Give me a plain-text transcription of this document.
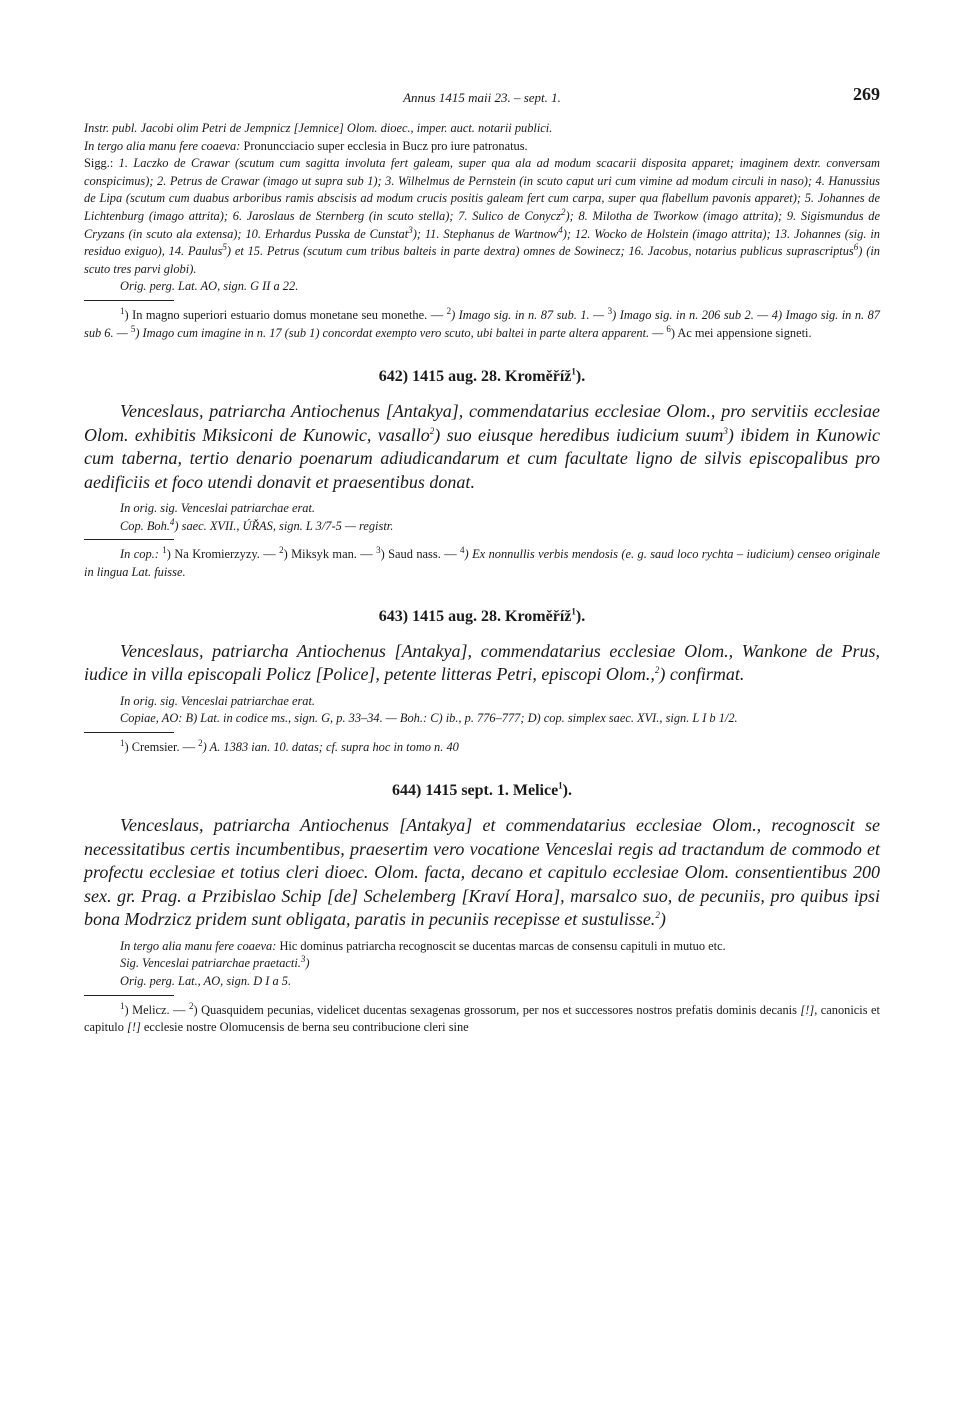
Annus 1415 maii 23. – sept. 1.	269

Instr. publ. Jacobi olim Petri de Jempnicz [Jemnice] Olom. dioec., imper. auct. notarii publici.

In tergo alia manu fere coaeva: Pronuncciacio super ecclesia in Bucz pro iure patronatus.

Sigg.: 1. Laczko de Crawar (scutum cum sagitta involuta fert galeam, super qua ala ad modum scacarii disposita apparet; imaginem dextr. conversam conspicimus); 2. Petrus de Crawar (imago ut supra sub 1); 3. Wilhelmus de Pernstein (in scuto caput uri cum vimine ad modum circuli in naso); 4. Hanussius de Lipa (scutum cum duabus arboribus ramis abscisis ad modum crucis positis galeam fert cum carpa, super qua flabellum pavonis apparet); 5. Johannes de Lichtenburg (imago attrita); 6. Jaroslaus de Sternberg (in scuto stella); 7. Sulico de Conycz$^2$); 8. Milotha de Tworkow (imago attrita); 9. Sigismundus de Cryzans (in scuto ala extensa); 10. Erhardus Pusska de Cunstat$^3$); 11. Stephanus de Wartnow$^4$); 12. Wocko de Holstein (imago attrita); 13. Johannes (sig. in residuo exiguo), 14. Paulus$^5$) et 15. Petrus (scutum cum tribus balteis in parte dextra) omnes de Sowinecz; 16. Jacobus, notarius publicus suprascriptus$^6$) (in scuto tres parvi globi).

Orig. perg. Lat. AO, sign. G II a 22.

$^1$) In magno superiori estuario domus monetane seu monethe. — $^2$) Imago sig. in n. 87 sub. 1. — $^3$) Imago sig. in n. 206 sub 2. — 4) Imago sig. in n. 87 sub 6. — $^5$) Imago cum imagine in n. 17 (sub 1) concordat exempto vero scuto, ubi baltei in parte altera apparent. — $^6$) Ac mei appensione signeti.

642) 1415 aug. 28. Kroměříž$^1$).

Venceslaus, patriarcha Antiochenus [Antakya], commendatarius ecclesiae Olom., pro servitiis ecclesiae Olom. exhibitis Miksiconi de Kunowic, vasallo$^2$) suo eiusque heredibus iudicium suum$^3$) ibidem in Kunowic cum taberna, tertio denario poenarum adiudicandarum et cum facultate ligno de silvis episcopalibus pro aedificiis et foco utendi donavit et praesentibus donat.

In orig. sig. Venceslai patriarchae erat.

Cop. Boh.$^4$) saec. XVII., ÚŘAS, sign. L 3/7-5 — registr.

In cop.: $^1$) Na Kromierzyzy. — $^2$) Miksyk man. — $^3$) Saud nass. — $^4$) Ex nonnullis verbis mendosis (e. g. saud loco rychta – iudicium) censeo originale in lingua Lat. fuisse.

643) 1415 aug. 28. Kroměříž$^1$).

Venceslaus, patriarcha Antiochenus [Antakya], commendatarius ecclesiae Olom., Wankone de Prus, iudice in villa episcopali Policz [Police], petente litteras Petri, episcopi Olom.,$^2$) confirmat.

In orig. sig. Venceslai patriarchae erat.

Copiae, AO: B) Lat. in codice ms., sign. G, p. 33–34. — Boh.: C) ib., p. 776–777; D) cop. simplex saec. XVI., sign. L I b 1/2.

$^1$) Cremsier. — $^2$) A. 1383 ian. 10. datas; cf. supra hoc in tomo n. 40

644) 1415 sept. 1. Melice$^1$).

Venceslaus, patriarcha Antiochenus [Antakya] et commendatarius ecclesiae Olom., recognoscit se necessitatibus certis incumbentibus, praesertim vero vocatione Venceslai regis ad tractandum de commodo et profectu ecclesiae et totius cleri dioec. Olom. facta, decano et capitulo ecclesiae Olom. consentientibus 200 sex. gr. Prag. a Przibislao Schip [de] Schelemberg [Kraví Hora], marsalco suo, de pecuniis, pro quibus ipsi bona Modrzicz pridem sunt obligata, paratis in pecuniis recepisse et sustulisse.$^2$)

In tergo alia manu fere coaeva: Hic dominus patriarcha recognoscit se ducentas marcas de consensu capituli in mutuo etc.

Sig. Venceslai patriarchae praetacti.$^3$)

Orig. perg. Lat., AO, sign. D I a 5.

$^1$) Melicz. — $^2$) Quasquidem pecunias, videlicet ducentas sexagenas grossorum, per nos et successores nostros prefatis dominis decanis [!], canonicis et capitulo [!] ecclesie nostre Olomucensis de berna seu contribucione cleri sine
